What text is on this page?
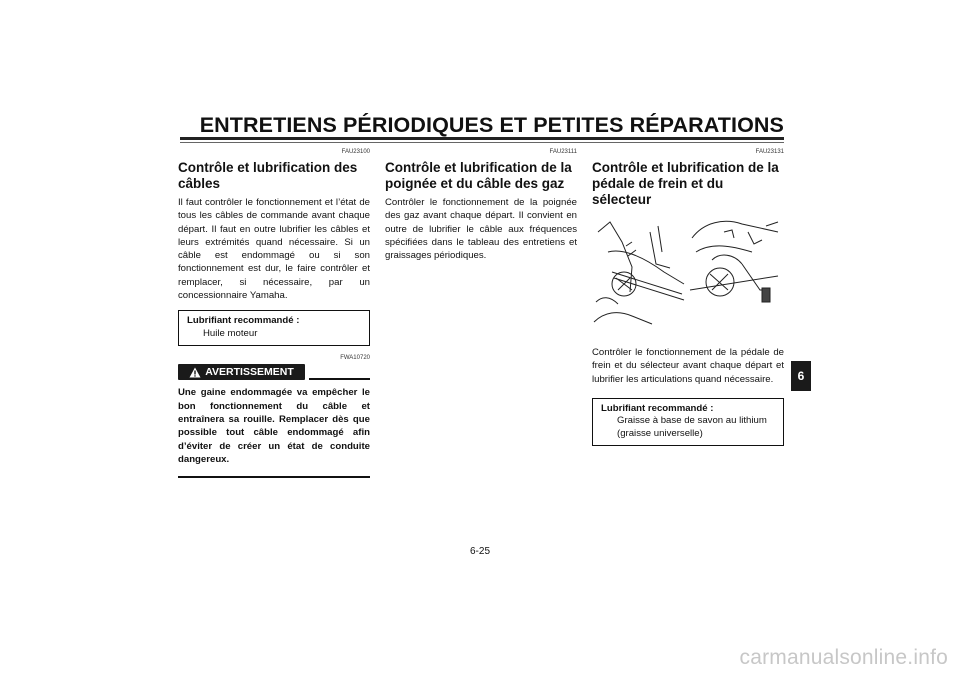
ENTRETIENS PÉRIODIQUES ET PETITES RÉPARATIONS
FAU23100
Contrôle et lubrification des câbles

Il faut contrôler le fonctionnement et l’état de tous les câbles de commande avant chaque départ. Il faut en outre lubrifier les câbles et leurs extrémités quand nécessaire. Si un câble est endommagé ou si son fonctionnement est dur, le faire contrôler et remplacer, si nécessaire, par un concessionnaire Yamaha.

Lubrifiant recommandé :
Huile moteur
FWA10720
AVERTISSEMENT

Une gaine endommagée va empêcher le bon fonctionnement du câble et entraînera sa rouille. Remplacer dès que possible tout câble endommagé afin d’éviter de créer un état de conduite dangereux.

FAU23111
Contrôle et lubrification de la poignée et du câble des gaz

Contrôler le fonctionnement de la poignée des gaz avant chaque départ. Il convient en outre de lubrifier le câble aux fréquences spécifiées dans le tableau des entretiens et graissages périodiques.

FAU23131
Contrôle et lubrification de la pédale de frein et du sélecteur

Contrôler le fonctionnement de la pédale de frein et du sélecteur avant chaque départ et lubrifier les articulations quand nécessaire.

Lubrifiant recommandé :
Graisse à base de savon au lithium
(graisse universelle)
6
6-25
carmanualsonline.info
